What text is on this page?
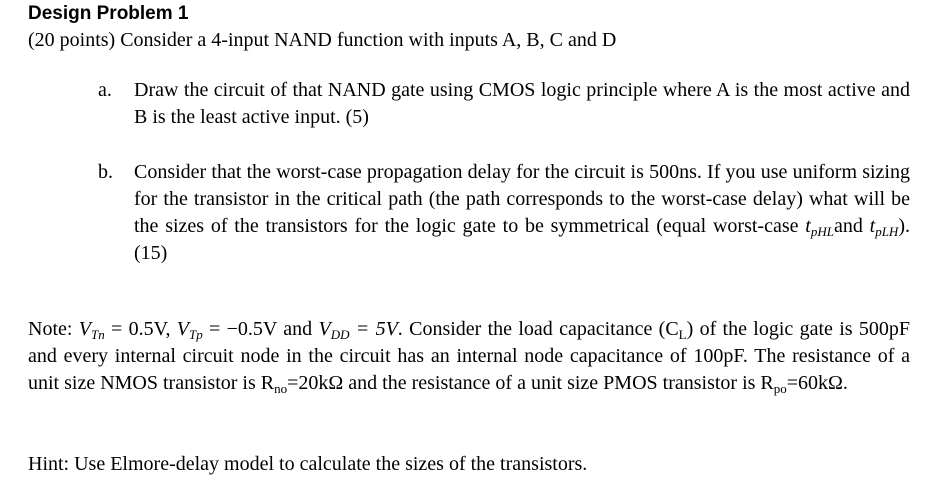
Design Problem 1
(20 points) Consider a 4-input NAND function with inputs A, B, C and D
a. Draw the circuit of that NAND gate using CMOS logic principle where A is the most active and B is the least active input. (5)
b. Consider that the worst-case propagation delay for the circuit is 500ns. If you use uniform sizing for the transistor in the critical path (the path corresponds to the worst-case delay) what will be the sizes of the transistors for the logic gate to be symmetrical (equal worst-case $t_{pHL}and$ $t_{pLH}$). (15)
Note: $V_{Tn} = 0.5V$, $V_{Tp} = -0.5V$ and $V_{DD} = 5V$. Consider the load capacitance $(C_L)$ of the logic gate is 500pF and every internal circuit node in the circuit has an internal node capacitance of 100pF. The resistance of a unit size NMOS transistor is $R_{no}=20k\Omega$ and the resistance of a unit size PMOS transistor is $R_{po}=60k\Omega$.
Hint: Use Elmore-delay model to calculate the sizes of the transistors.
